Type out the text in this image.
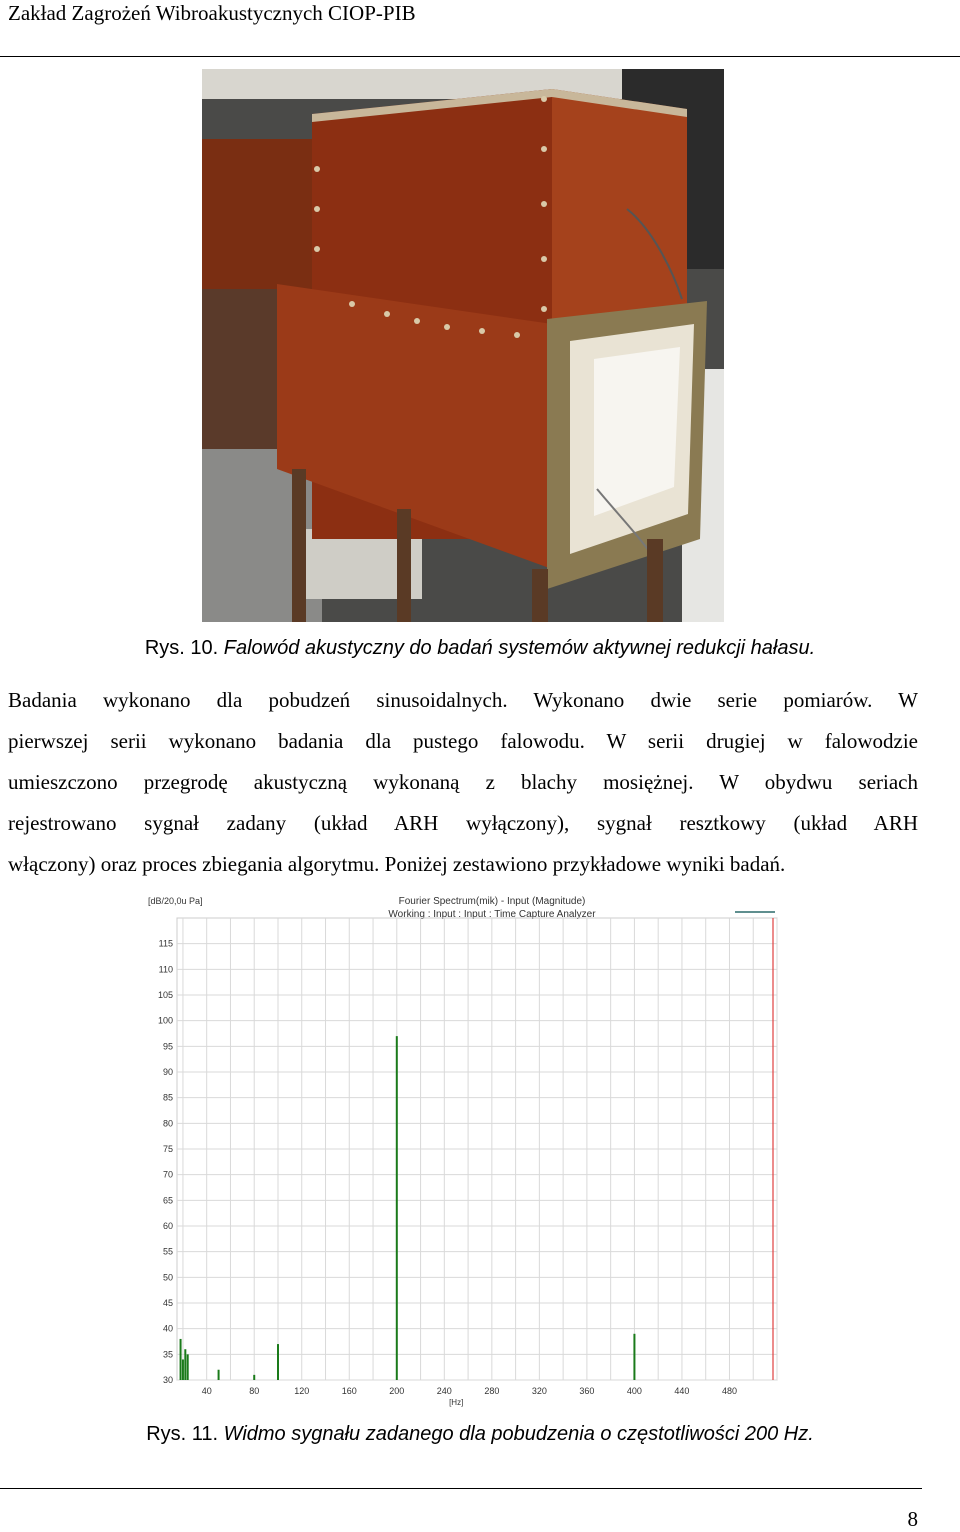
Zakład Zagrożeń Wibroakustycznych CIOP-PIB
Rys. 10. Falowód akustyczny do badań systemów aktywnej redukcji hałasu.
Badania wykonano dla pobudzeń sinusoidalnych. Wykonano dwie serie pomiarów. W
pierwszej serii wykonano badania dla pustego falowodu. W serii drugiej w falowodzie
umieszczono przegrodę akustyczną wykonaną z blachy mosiężnej. W obydwu seriach
rejestrowano sygnał zadany (układ ARH wyłączony), sygnał resztkowy (układ ARH
włączony) oraz proces zbiegania algorytmu. Poniżej zestawiono przykładowe wyniki badań.
[dB/20,0u Pa]	Fourier Spectrum(mik) - Input (Magnitude)
Working : Input : Input : Time Capture Analyzer
30
35
40
45
50
55
60
65
70
75
80
85
90
95
100
105
110
115
40	80	120	160	200	240	280	320	360	400	440	480
[Hz]
Rys. 11. Widmo sygnału zadanego dla pobudzenia o częstotliwości 200 Hz.
8
